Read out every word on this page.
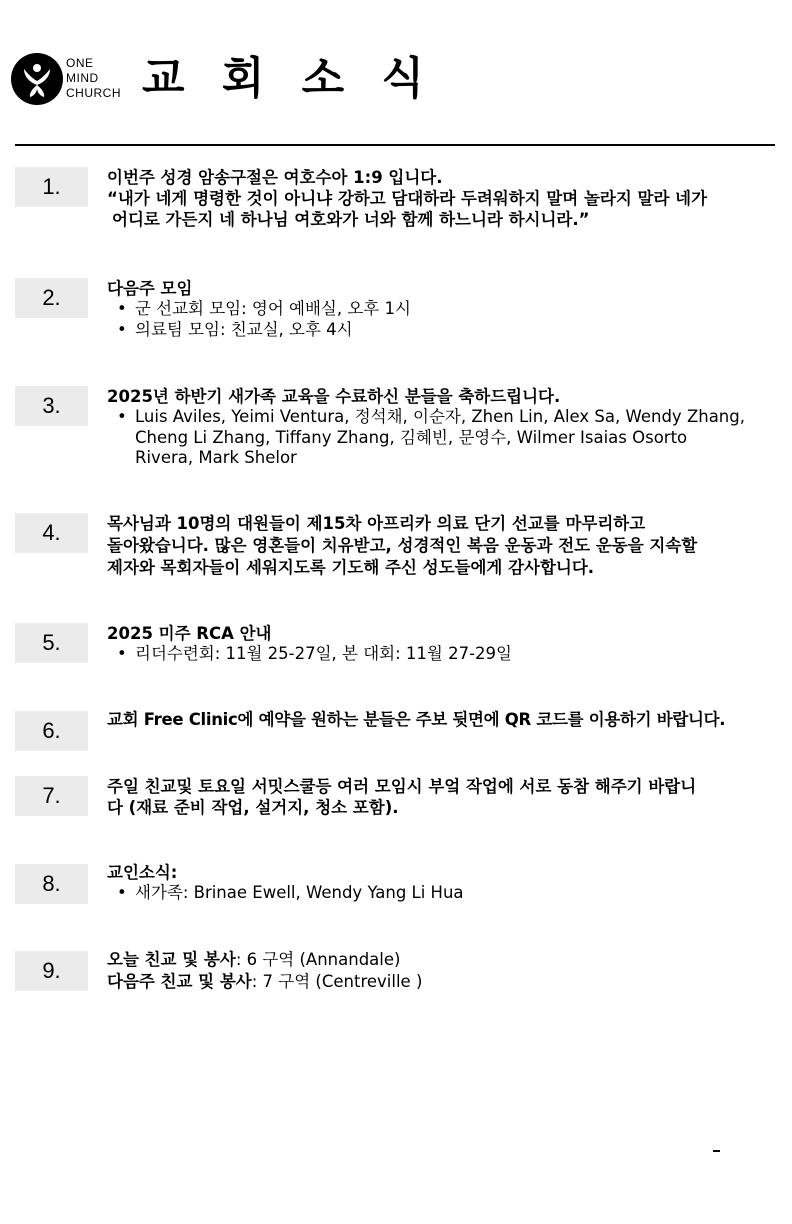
ONE
MIND
CHURCH 교 회 소 식
1.	이번주 성경 암송구절은 여호수아 1:9 입니다.
“내가 네게 명령한 것이 아니냐 강하고 담대하라 두려워하지 말며 놀라지 말라 네가
어디로 가든지 네 하나님 여호와가 너와 함께 하느니라 하시니라.”
2.	다음주 모임
• 군 선교회 모임: 영어 예배실, 오후 1시
• 의료팀 모임: 친교실, 오후 4시
3.	2025년 하반기 새가족 교육을 수료하신 분들을 축하드립니다.
• Luis Aviles, Yeimi Ventura, 정석채, 이순자, Zhen Lin, Alex Sa, Wendy Zhang,
Cheng Li Zhang, Tiffany Zhang, 김혜빈, 문영수, Wilmer Isaias Osorto
Rivera, Mark Shelor
4.	목사님과 10명의 대원들이 제15차 아프리카 의료 단기 선교를 마무리하고
돌아왔습니다. 많은 영혼들이 치유받고, 성경적인 복음 운동과 전도 운동을 지속할
제자와 목회자들이 세워지도록 기도해 주신 성도들에게 감사합니다.
5.	2025 미주 RCA 안내
• 리더수련회: 11월 25-27일, 본 대회: 11월 27-29일
6.	교회 Free Clinic에 예약을 원하는 분들은 주보 뒷면에 QR 코드를 이용하기 바랍니다.
7.	주일 친교및 토요일 서밋스쿨등 여러 모임시 부엌 작업에 서로 동참 해주기 바랍니
다 (재료 준비 작업, 설거지, 청소 포함).
8.	교인소식:
• 새가족: Brinae Ewell, Wendy Yang Li Hua
9.	오늘 친교 및 봉사: 6 구역 (Annandale)
다음주 친교 및 봉사: 7 구역 (Centreville )
